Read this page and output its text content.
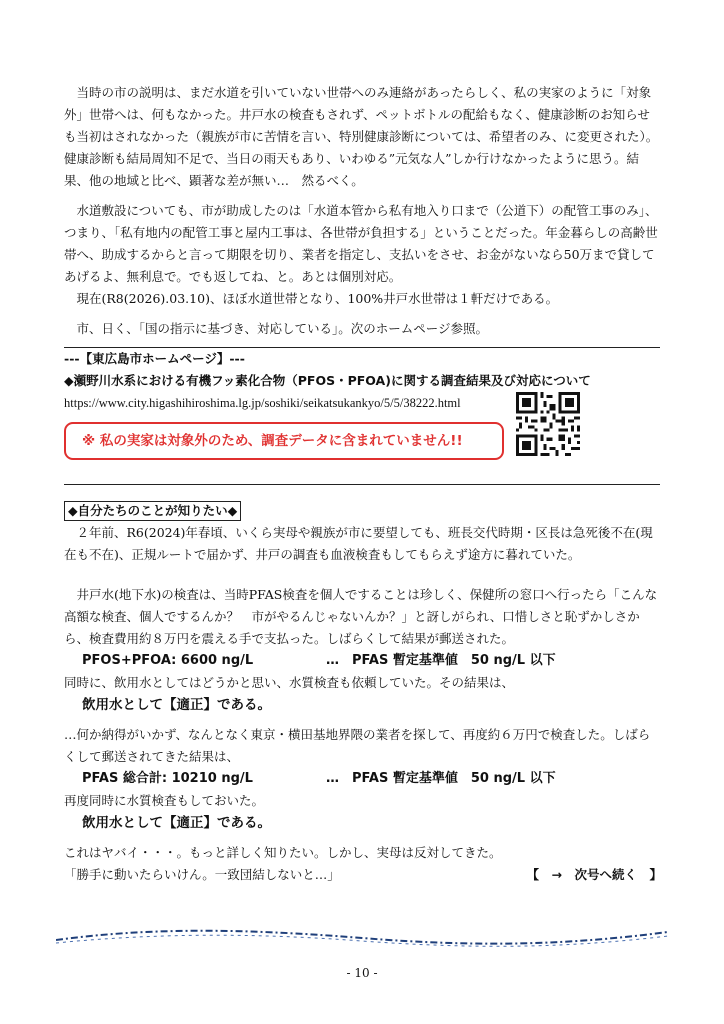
当時の市の説明は、まだ水道を引いていない世帯へのみ連絡があったらしく、私の実家のように「対象外」世帯へは、何もなかった。井戸水の検査もされず、ペットボトルの配給もなく、健康診断のお知らせも当初はされなかった（親族が市に苦情を言い、特別健康診断については、希望者のみ、に変更された）。健康診断も結局周知不足で、当日の雨天もあり、いわゆる”元気な人”しか行けなかったように思う。結果、他の地域と比べ、顕著な差が無い…　然るべく。

水道敷設についても、市が助成したのは「水道本管から私有地入り口まで（公道下）の配管工事のみ」、つまり、「私有地内の配管工事と屋内工事は、各世帯が負担する」ということだった。年金暮らしの高齢世帯へ、助成するからと言って期限を切り、業者を指定し、支払いをさせ、お金がないなら50万まで貸してあげるよ、無利息で。でも返してね、と。あとは個別対応。

現在(R8(2026).03.10)、ほぼ水道世帯となり、100%井戸水世帯は１軒だけである。

市、日く、「国の指示に基づき、対応している」。次のホームページ参照。

---【東広島市ホームページ】---

◆瀬野川水系における有機フッ素化合物（PFOS・PFOA)に関する調査結果及び対応について

https://www.city.higashihiroshima.lg.jp/soshiki/seikatsukankyo/5/5/38222.html

※ 私の実家は対象外のため、調査データに含まれていません!!

◆自分たちのことが知りたい◆

２年前、R6(2024)年春頃、いくら実母や親族が市に要望しても、班長交代時期・区長は急死後不在(現在も不在)、正規ルートで届かず、井戸の調査も血液検査もしてもらえず途方に暮れていた。

井戸水(地下水)の検査は、当時PFAS検査を個人ですることは珍しく、保健所の窓口へ行ったら「こんな高額な検査、個人でするんか？　市がやるんじゃないんか？」と訝しがられ、口惜しさと恥ずかしさから、検査費用約８万円を震える手で支払った。しばらくして結果が郵送された。

PFOS+PFOA: 6600 ng/L	…　PFAS 暫定基準値　50 ng/L 以下

同時に、飲用水としてはどうかと思い、水質検査も依頼していた。その結果は、

飲用水として【適正】である。

…何か納得がいかず、なんとなく東京・横田基地界隈の業者を探して、再度約６万円で検査した。しばらくして郵送されてきた結果は、

PFAS 総合計: 10210 ng/L	…　PFAS 暫定基準値　50 ng/L 以下

再度同時に水質検査もしておいた。

飲用水として【適正】である。

これはヤバイ・・・。もっと詳しく知りたい。しかし、実母は反対してきた。

「勝手に動いたらいけん。一致団結しないと…」	【　→　次号へ続く　】

- 10 -
